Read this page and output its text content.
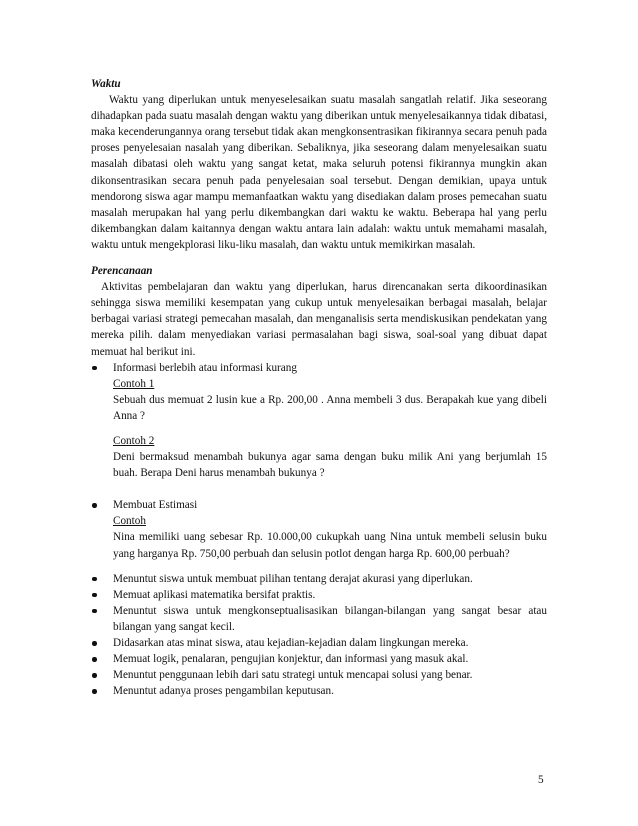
Waktu

Waktu yang diperlukan untuk menyeselesaikan suatu masalah sangatlah relatif. Jika seseorang dihadapkan pada suatu masalah dengan waktu yang diberikan untuk menyelesaikannya tidak dibatasi, maka kecenderungannya orang tersebut tidak akan mengkonsentrasikan fikirannya secara penuh pada proses penyelesaian nasalah yang diberikan. Sebaliknya, jika seseorang dalam menyelesaikan suatu masalah dibatasi oleh waktu yang sangat ketat, maka seluruh potensi fikirannya mungkin akan dikonsentrasikan secara penuh pada penyelesaian soal tersebut. Dengan demikian, upaya untuk mendorong siswa agar mampu memanfaatkan waktu yang disediakan dalam proses pemecahan suatu masalah merupakan hal yang perlu dikembangkan dari waktu ke waktu. Beberapa hal yang perlu dikembangkan dalam kaitannya dengan waktu antara lain adalah: waktu untuk memahami masalah, waktu untuk mengekplorasi liku-liku masalah, dan waktu untuk memikirkan masalah.

Perencanaan

Aktivitas pembelajaran dan waktu yang diperlukan, harus direncanakan serta dikoordinasikan sehingga siswa memiliki kesempatan yang cukup untuk menyelesaikan berbagai masalah, belajar berbagai variasi strategi pemecahan masalah, dan menganalisis serta mendiskusikan pendekatan yang mereka pilih. dalam menyediakan variasi permasalahan bagi siswa, soal-soal yang dibuat dapat memuat hal berikut ini.

Informasi berlebih atau informasi kurang
Contoh 1
Sebuah dus memuat 2 lusin kue a Rp. 200,00 . Anna membeli 3 dus. Berapakah kue yang dibeli Anna ?
Contoh 2
Deni bermaksud menambah bukunya agar sama dengan buku milik Ani yang berjumlah 15 buah. Berapa Deni harus menambah bukunya ?
Membuat Estimasi
Contoh
Nina memiliki uang sebesar Rp. 10.000,00 cukupkah uang Nina untuk membeli selusin buku yang harganya Rp. 750,00 perbuah dan selusin potlot dengan harga Rp. 600,00 perbuah?
Menuntut siswa untuk membuat pilihan tentang derajat akurasi yang diperlukan.
Memuat aplikasi matematika bersifat praktis.
Menuntut siswa untuk mengkonseptualisasikan bilangan-bilangan yang sangat besar atau bilangan yang sangat kecil.
Didasarkan atas minat siswa, atau kejadian-kejadian dalam lingkungan mereka.
Memuat logik, penalaran, pengujian konjektur, dan informasi yang masuk akal.
Menuntut penggunaan lebih dari satu strategi untuk mencapai solusi yang benar.
Menuntut adanya proses pengambilan keputusan.
5
